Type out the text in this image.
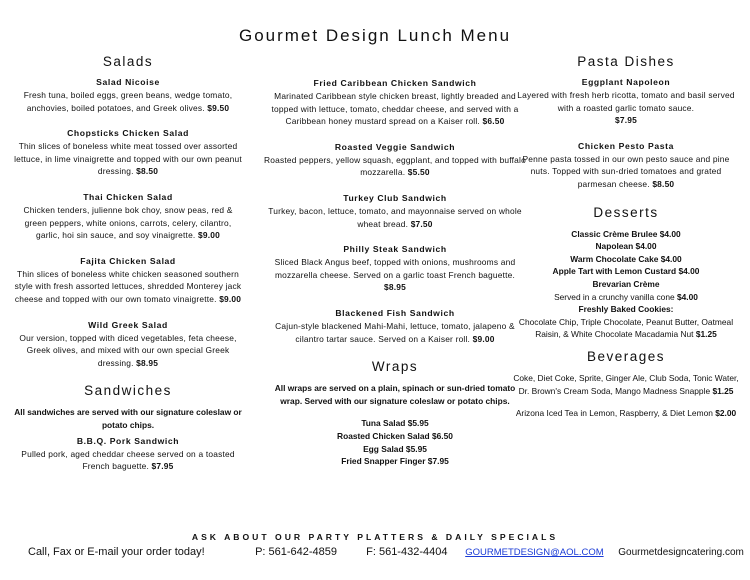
Gourmet Design Lunch Menu
Salads
Salad Nicoise
Fresh tuna, boiled eggs, green beans, wedge tomato, anchovies, boiled potatoes, and Greek olives. $9.50
Chopsticks Chicken Salad
Thin slices of boneless white meat tossed over assorted lettuce, in lime vinaigrette and topped with our own peanut dressing. $8.50
Thai Chicken Salad
Chicken tenders, julienne bok choy, snow peas, red & green peppers, white onions, carrots, celery, cilantro, garlic, hoi sin sauce, and soy vinaigrette. $9.00
Fajita Chicken Salad
Thin slices of boneless white chicken seasoned southern style with fresh assorted lettuces, shredded Monterey jack cheese and topped with our own tomato vinaigrette. $9.00
Wild Greek Salad
Our version, topped with diced vegetables, feta cheese, Greek olives, and mixed with our own special Greek dressing. $8.95
Sandwiches
All sandwiches are served with our signature coleslaw or potato chips.
B.B.Q. Pork Sandwich
Pulled pork, aged cheddar cheese served on a toasted French baguette. $7.95
Fried Caribbean Chicken Sandwich
Marinated Caribbean style chicken breast, lightly breaded and topped with lettuce, tomato, cheddar cheese, and served with a Caribbean honey mustard spread on a Kaiser roll. $6.50
Roasted Veggie Sandwich
Roasted peppers, yellow squash, eggplant, and topped with buffalo mozzarella. $5.50
Turkey Club Sandwich
Turkey, bacon, lettuce, tomato, and mayonnaise served on whole wheat bread. $7.50
Philly Steak Sandwich
Sliced Black Angus beef, topped with onions, mushrooms and mozzarella cheese. Served on a garlic toast French baguette. $8.95
Blackened Fish Sandwich
Cajun-style blackened Mahi-Mahi, lettuce, tomato, jalapeno & cilantro tartar sauce. Served on a Kaiser roll. $9.00
Wraps
All wraps are served on a plain, spinach or sun-dried tomato wrap. Served with our signature coleslaw or potato chips.
Tuna Salad $5.95
Roasted Chicken Salad $6.50
Egg Salad $5.95
Fried Snapper Finger $7.95
Pasta Dishes
Eggplant Napoleon
Layered with fresh herb ricotta, tomato and basil served with a roasted garlic tomato sauce.
$7.95
Chicken Pesto Pasta
Penne pasta tossed in our own pesto sauce and pine nuts. Topped with sun-dried tomatoes and grated parmesan cheese. $8.50
Desserts
Classic Crème Brulee $4.00
Napolean $4.00
Warm Chocolate Cake $4.00
Apple Tart with Lemon Custard $4.00
Brevarian Crème
Served in a crunchy vanilla cone $4.00
Freshly Baked Cookies:
Chocolate Chip, Triple Chocolate, Peanut Butter, Oatmeal Raisin, & White Chocolate Macadamia Nut $1.25
Beverages
Coke, Diet Coke, Sprite, Ginger Ale, Club Soda, Tonic Water, Dr. Brown's Cream Soda, Mango Madness Snapple $1.25
Arizona Iced Tea in Lemon, Raspberry, & Diet Lemon $2.00
ASK ABOUT OUR PARTY PLATTERS & DAILY SPECIALS
Call, Fax or E-mail your order today!	P: 561-642-4859	F: 561-432-4404 GOURMETDESIGN@AOL.COM Gourmetdesigncatering.com
